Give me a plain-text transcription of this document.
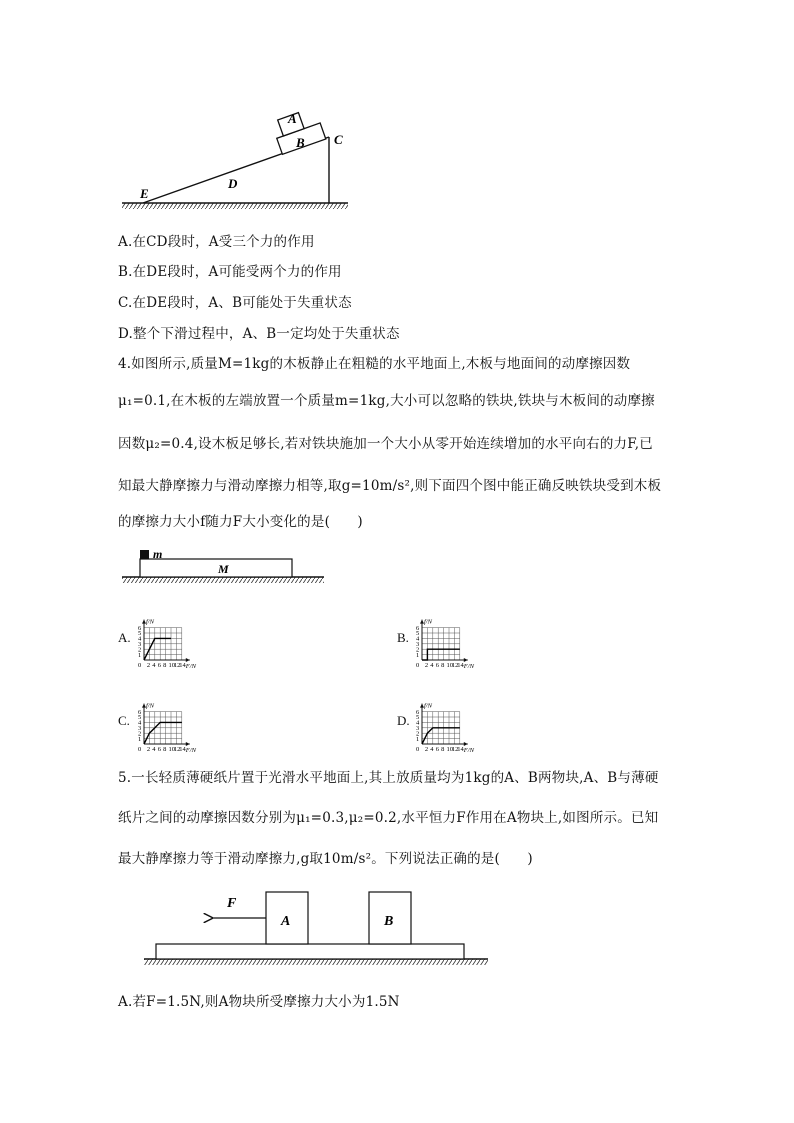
A
B C
D
E
A.在CD段时，A受三个力的作用
B.在DE段时，A可能受两个力的作用
C.在DE段时，A、B可能处于失重状态
D.整个下滑过程中，A、B一定均处于失重状态
4.如图所示,质量M=1kg的木板静止在粗糙的水平地面上,木板与地面间的动摩擦因数
μ₁=0.1,在木板的左端放置一个质量m=1kg,大小可以忽略的铁块,铁块与木板间的动摩擦
因数μ₂=0.4,设木板足够长,若对铁块施加一个大小从零开始连续增加的水平向右的力F,已
知最大静摩擦力与滑动摩擦力相等,取g=10m/s²,则下面四个图中能正确反映铁块受到木板
的摩擦力大小f随力F大小变化的是(　　)
m
M
A.	B.
C.	D.
0 2 4 6 8 10
12
14
1
2
3
4
5
6
f/N
F/N	0 2 4 6 8 10
12
14
1
2
3
4
5
6
f/N
F/N
0 2 4 6 8 10
12
14
1
2
3
4
5
6
f/N
F/N	0 2 4 6 8 10
12
14
1
2
3
4
5
6
f/N
F/N
5.一长轻质薄硬纸片置于光滑水平地面上,其上放质量均为1kg的A、B两物块,A、B与薄硬
纸片之间的动摩擦因数分别为μ₁=0.3,μ₂=0.2,水平恒力F作用在A物块上,如图所示。已知
最大静摩擦力等于滑动摩擦力,g取10m/s²。下列说法正确的是(　　)
F
A	B
A.若F=1.5N,则A物块所受摩擦力大小为1.5N
